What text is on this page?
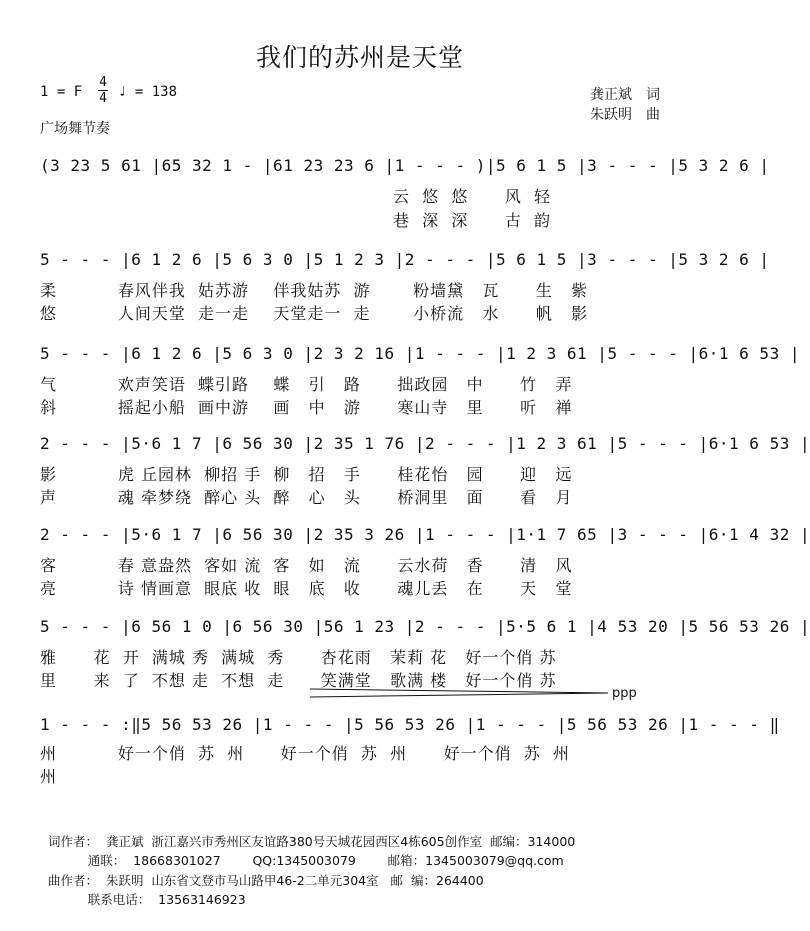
我们的苏州是天堂
1 = F
4
4 ♩ = 138
广场舞节奏
龚正斌　词
朱跃明　曲
(3 23 5 61 |65 32 1 - |61 23 23 6 |1 - - - )|5 6 1 5 |3 - - - |5 3 2 6 |
云  悠  悠      风  轻
巷  深  深      古  韵
5 - - - |6 1 2 6 |5 6 3 0 |5 1 2 3 |2 - - - |5 6 1 5 |3 - - - |5 3 2 6 |
柔          春风伴我  姑苏游    伴我姑苏  游       粉墙黛   瓦      生   紫
悠          人间天堂  走一走    天堂走一  走       小桥流   水      帆   影
5 - - - |6 1 2 6 |5 6 3 0 |2 3 2 16 |1 - - - |1 2 3 61 |5 - - - |6·1 6 53 |
气          欢声笑语  蝶引路    蝶   引   路      拙政园   中      竹   弄
斜          摇起小船  画中游    画   中   游      寒山寺   里      听   禅
2 - - - |5·6 1 7 |6 56 30 |2 35 1 76 |2 - - - |1 2 3 61 |5 - - - |6·1 6 53 |
影          虎 丘园林  柳招 手  柳   招   手      桂花怡   园      迎   远
声          魂 牵梦绕  醉心 头  醉   心   头      桥洞里   面      看   月
2 - - - |5·6 1 7 |6 56 30 |2 35 3 26 |1 - - - |1·1 7 65 |3 - - - |6·1 4 32 |
客          春 意盎然  客如 流  客   如   流      云水荷   香      清   风
亮          诗 情画意  眼底 收  眼   底   收      魂儿丢   在      天   堂
5 - - - |6 56 1 0 |6 56 30 |56 1 23 |2 - - - |5·5 6 1 |4 53 20 |5 56 53 26 |
雅      花  开  满城 秀  满城  秀      杏花雨   茉莉 花   好一个俏 苏
里      来  了  不想 走  不想  走      笑满堂   歌满 楼   好一个俏 苏
ppp
1 - - - :‖5 56 53 26 |1 - - - |5 56 53 26 |1 - - - |5 56 53 26 |1 - - - ‖
州          好一个俏  苏  州      好一个俏  苏  州      好一个俏  苏  州
州
词作者：  龚正斌  浙江嘉兴市秀州区友谊路380号天城花园西区4栋605创作室  邮编：314000
通联：  18668301027        QQ:1345003079        邮箱：1345003079@qq.com
曲作者：  朱跃明  山东省文登市马山路甲46-2二单元304室   邮  编：264400
联系电话：  13563146923
